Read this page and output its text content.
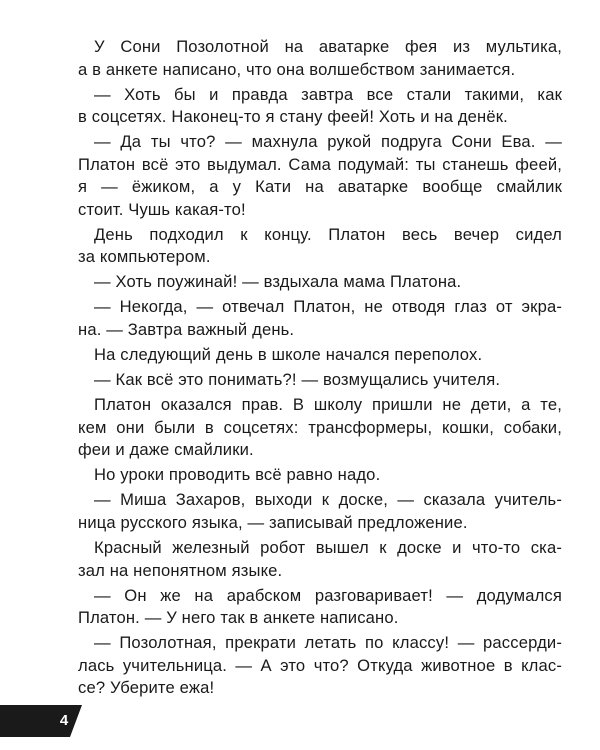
У Сони Позолотной на аватарке фея из мультика,
а в анкете написано, что она волшебством занимается.
— Хоть бы и правда завтра все стали такими, как
в соцсетях. Наконец-то я стану феей! Хоть и на денёк.
— Да ты что? — махнула рукой подруга Сони Ева. —
Платон всё это выдумал. Сама подумай: ты станешь феей,
я — ёжиком, а у Кати на аватарке вообще смайлик
стоит. Чушь какая-то!
День подходил к концу. Платон весь вечер сидел
за компьютером.
— Хоть поужинай! — вздыхала мама Платона.
— Некогда, — отвечал Платон, не отводя глаз от экра-
на. — Завтра важный день.
На следующий день в школе начался переполох.
— Как всё это понимать?! — возмущались учителя.
Платон оказался прав. В школу пришли не дети, а те,
кем они были в соцсетях: трансформеры, кошки, собаки,
феи и даже смайлики.
Но уроки проводить всё равно надо.
— Миша Захаров, выходи к доске, — сказала учитель-
ница русского языка, — записывай предложение.
Красный железный робот вышел к доске и что-то ска-
зал на непонятном языке.
— Он же на арабском разговаривает! — додумался
Платон. — У него так в анкете написано.
— Позолотная, прекрати летать по классу! — рассерди-
лась учительница. — А это что? Откуда животное в клас-
се? Уберите ежа!
4
